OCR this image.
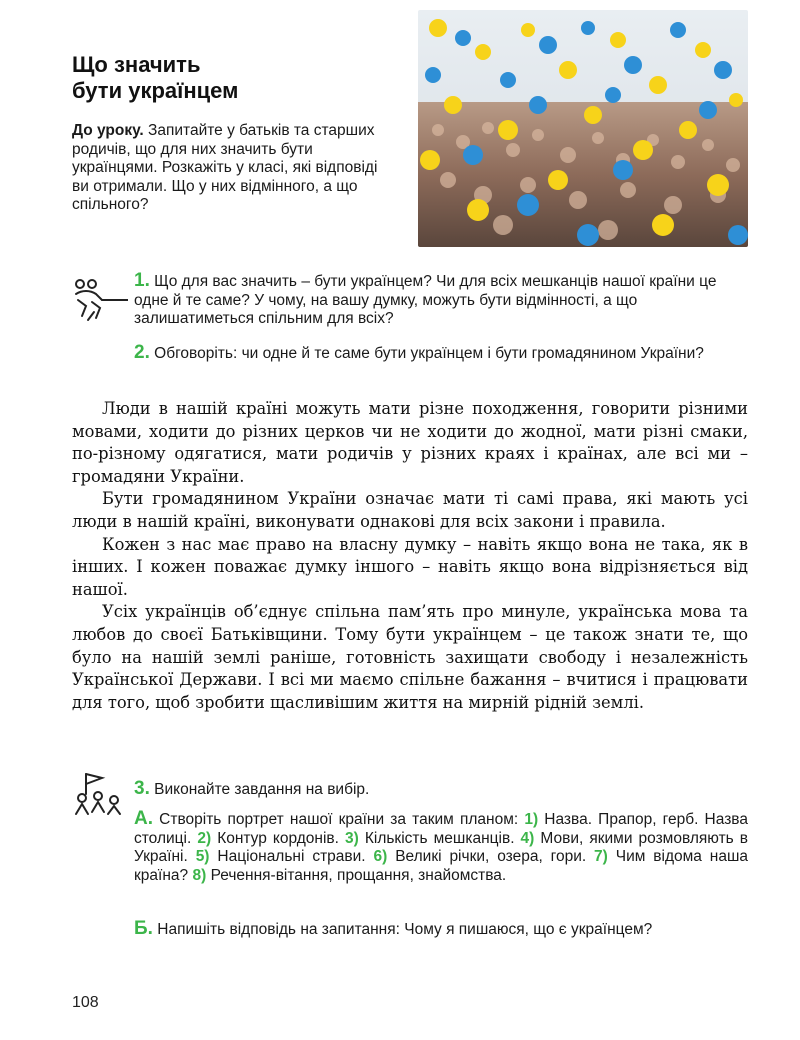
Що значить
бути українцем

До уроку. Запитайте у батьків та старших родичів, що для них значить бути українцями. Розкажіть у класі, які відповіді ви отримали. Що у них відмінного, а що спільного?

1. Що для вас значить – бути українцем? Чи для всіх мешканців нашої країни це одне й те саме? У чому, на вашу думку, можуть бути відмінності, а що залишатиметься спільним для всіх?

2. Обговоріть: чи одне й те саме бути українцем і бути громадянином України?

Люди в нашій країні можуть мати різне походження, говорити різними мовами, ходити до різних церков чи не ходити до жодної, мати різні смаки, по-різному одягатися, мати родичів у різних краях і країнах, але всі ми – громадяни України.

Бути громадянином України означає мати ті самі права, які мають усі люди в нашій країні, виконувати однакові для всіх закони і правила.

Кожен з нас має право на власну думку – навіть якщо вона не така, як в інших. І кожен поважає думку іншого – навіть якщо вона відрізняється від нашої.

Усіх українців об’єднує спільна пам’ять про минуле, українська мова та любов до своєї Батьківщини. Тому бути українцем – це також знати те, що було на нашій землі раніше, готовність захищати свободу і незалежність Української Держави. І всі ми маємо спільне бажання – вчитися і працювати для того, щоб зробити щасливішим життя на мирній рідній землі.

3. Виконайте завдання на вибір.

А. Створіть портрет нашої країни за таким планом: 1) Назва. Прапор, герб. Назва столиці. 2) Контур кордонів. 3) Кількість мешканців. 4) Мови, якими розмовляють в Україні. 5) Національні страви. 6) Великі річки, озера, гори. 7) Чим відома наша країна? 8) Речення-вітання, прощання, знайомства.

Б. Напишіть відповідь на запитання: Чому я пишаюся, що є українцем?

108
